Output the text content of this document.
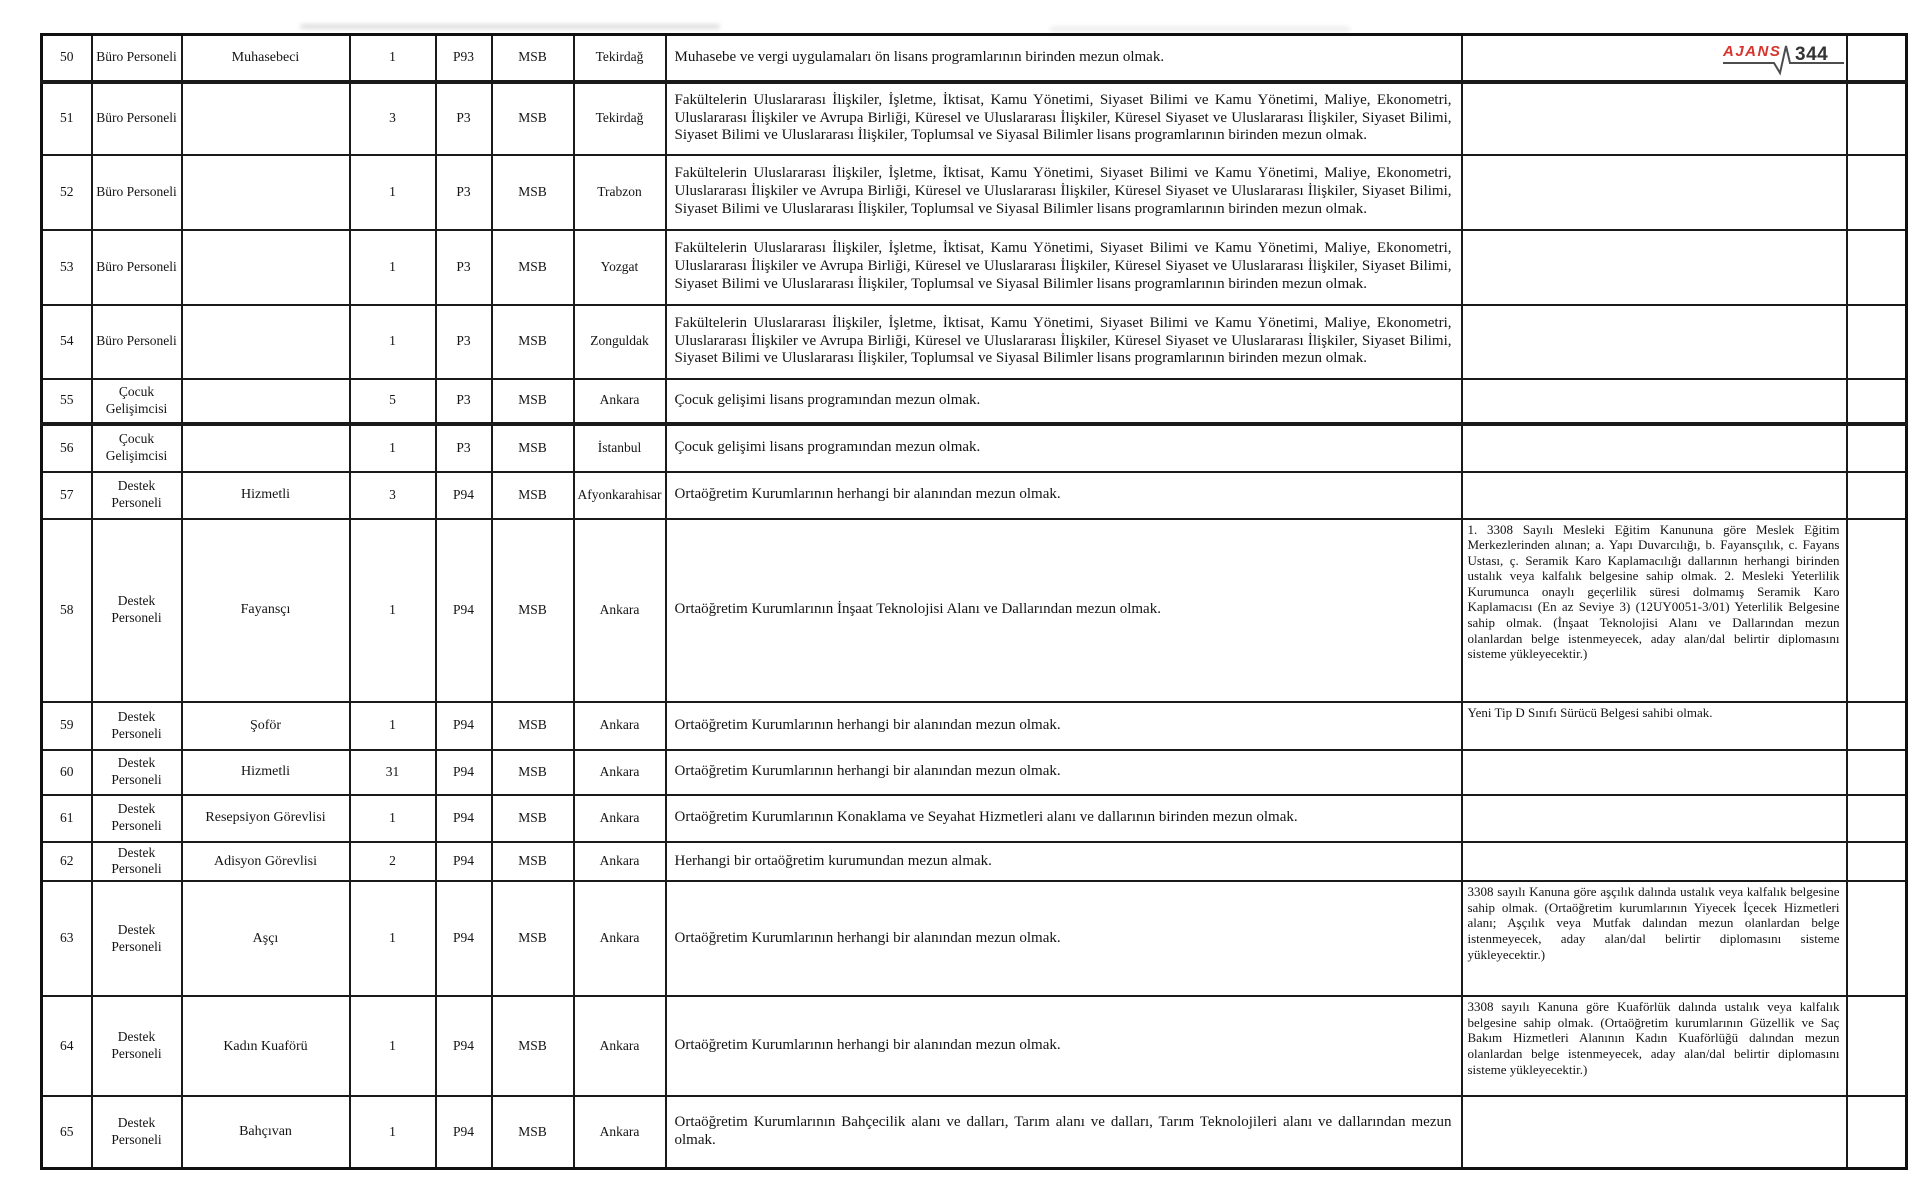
50	Büro Personeli	Muhasebeci	1	P93	MSB	Tekirdağ	Muhasebe ve vergi uygulamaları ön lisans programlarının birinden mezun olmak.		
51	Büro Personeli		3	P3	MSB	Tekirdağ	Fakültelerin Uluslararası İlişkiler, İşletme, İktisat, Kamu Yönetimi, Siyaset Bilimi ve Kamu Yönetimi, Maliye, Ekonometri, Uluslararası İlişkiler ve Avrupa Birliği, Küresel ve Uluslararası İlişkiler, Küresel Siyaset ve Uluslararası İlişkiler, Siyaset Bilimi, Siyaset Bilimi ve Uluslararası İlişkiler, Toplumsal ve Siyasal Bilimler lisans programlarının birinden mezun olmak.		
52	Büro Personeli		1	P3	MSB	Trabzon	Fakültelerin Uluslararası İlişkiler, İşletme, İktisat, Kamu Yönetimi, Siyaset Bilimi ve Kamu Yönetimi, Maliye, Ekonometri, Uluslararası İlişkiler ve Avrupa Birliği, Küresel ve Uluslararası İlişkiler, Küresel Siyaset ve Uluslararası İlişkiler, Siyaset Bilimi, Siyaset Bilimi ve Uluslararası İlişkiler, Toplumsal ve Siyasal Bilimler lisans programlarının birinden mezun olmak.		
53	Büro Personeli		1	P3	MSB	Yozgat	Fakültelerin Uluslararası İlişkiler, İşletme, İktisat, Kamu Yönetimi, Siyaset Bilimi ve Kamu Yönetimi, Maliye, Ekonometri, Uluslararası İlişkiler ve Avrupa Birliği, Küresel ve Uluslararası İlişkiler, Küresel Siyaset ve Uluslararası İlişkiler, Siyaset Bilimi, Siyaset Bilimi ve Uluslararası İlişkiler, Toplumsal ve Siyasal Bilimler lisans programlarının birinden mezun olmak.		
54	Büro Personeli		1	P3	MSB	Zonguldak	Fakültelerin Uluslararası İlişkiler, İşletme, İktisat, Kamu Yönetimi, Siyaset Bilimi ve Kamu Yönetimi, Maliye, Ekonometri, Uluslararası İlişkiler ve Avrupa Birliği, Küresel ve Uluslararası İlişkiler, Küresel Siyaset ve Uluslararası İlişkiler, Siyaset Bilimi, Siyaset Bilimi ve Uluslararası İlişkiler, Toplumsal ve Siyasal Bilimler lisans programlarının birinden mezun olmak.		
55	Çocuk Gelişimcisi		5	P3	MSB	Ankara	Çocuk gelişimi lisans programından mezun olmak.		
56	Çocuk Gelişimcisi		1	P3	MSB	İstanbul	Çocuk gelişimi lisans programından mezun olmak.		
57	Destek Personeli	Hizmetli	3	P94	MSB	Afyonkarahisar	Ortaöğretim Kurumlarının herhangi bir alanından mezun olmak.		
58	Destek Personeli	Fayansçı	1	P94	MSB	Ankara	Ortaöğretim Kurumlarının İnşaat Teknolojisi Alanı ve Dallarından mezun olmak.	1. 3308 Sayılı Mesleki Eğitim Kanununa göre Meslek Eğitim Merkezlerinden alınan; a. Yapı Duvarcılığı, b. Fayansçılık, c. Fayans Ustası, ç. Seramik Karo Kaplamacılığı dallarının herhangi birinden ustalık veya kalfalık belgesine sahip olmak. 2. Mesleki Yeterlilik Kurumunca onaylı geçerlilik süresi dolmamış Seramik Karo Kaplamacısı (En az Seviye 3) (12UY0051-3/01) Yeterlilik Belgesine sahip olmak. (İnşaat Teknolojisi Alanı ve Dallarından mezun olanlardan belge istenmeyecek, aday alan/dal belirtir diplomasını sisteme yükleyecektir.)	
59	Destek Personeli	Şoför	1	P94	MSB	Ankara	Ortaöğretim Kurumlarının herhangi bir alanından mezun olmak.	Yeni Tip D Sınıfı Sürücü Belgesi sahibi olmak.	
60	Destek Personeli	Hizmetli	31	P94	MSB	Ankara	Ortaöğretim Kurumlarının herhangi bir alanından mezun olmak.		
61	Destek Personeli	Resepsiyon Görevlisi	1	P94	MSB	Ankara	Ortaöğretim Kurumlarının Konaklama ve Seyahat Hizmetleri alanı ve dallarının birinden mezun olmak.		
62	Destek Personeli	Adisyon Görevlisi	2	P94	MSB	Ankara	Herhangi bir ortaöğretim kurumundan mezun almak.		
63	Destek Personeli	Aşçı	1	P94	MSB	Ankara	Ortaöğretim Kurumlarının herhangi bir alanından mezun olmak.	3308 sayılı Kanuna göre aşçılık dalında ustalık veya kalfalık belgesine sahip olmak. (Ortaöğretim kurumlarının Yiyecek İçecek Hizmetleri alanı; Aşçılık veya Mutfak dalından mezun olanlardan belge istenmeyecek, aday alan/dal belirtir diplomasını sisteme yükleyecektir.)	
64	Destek Personeli	Kadın Kuaförü	1	P94	MSB	Ankara	Ortaöğretim Kurumlarının herhangi bir alanından mezun olmak.	3308 sayılı Kanuna göre Kuaförlük dalında ustalık veya kalfalık belgesine sahip olmak. (Ortaöğretim kurumlarının Güzellik ve Saç Bakım Hizmetleri Alanının Kadın Kuaförlüğü dalından mezun olanlardan belge istenmeyecek, aday alan/dal belirtir diplomasını sisteme yükleyecektir.)	
65	Destek Personeli	Bahçıvan	1	P94	MSB	Ankara	Ortaöğretim Kurumlarının Bahçecilik alanı ve dalları, Tarım alanı ve dalları, Tarım Teknolojileri alanı ve dallarından mezun olmak.		
AJANS 344
